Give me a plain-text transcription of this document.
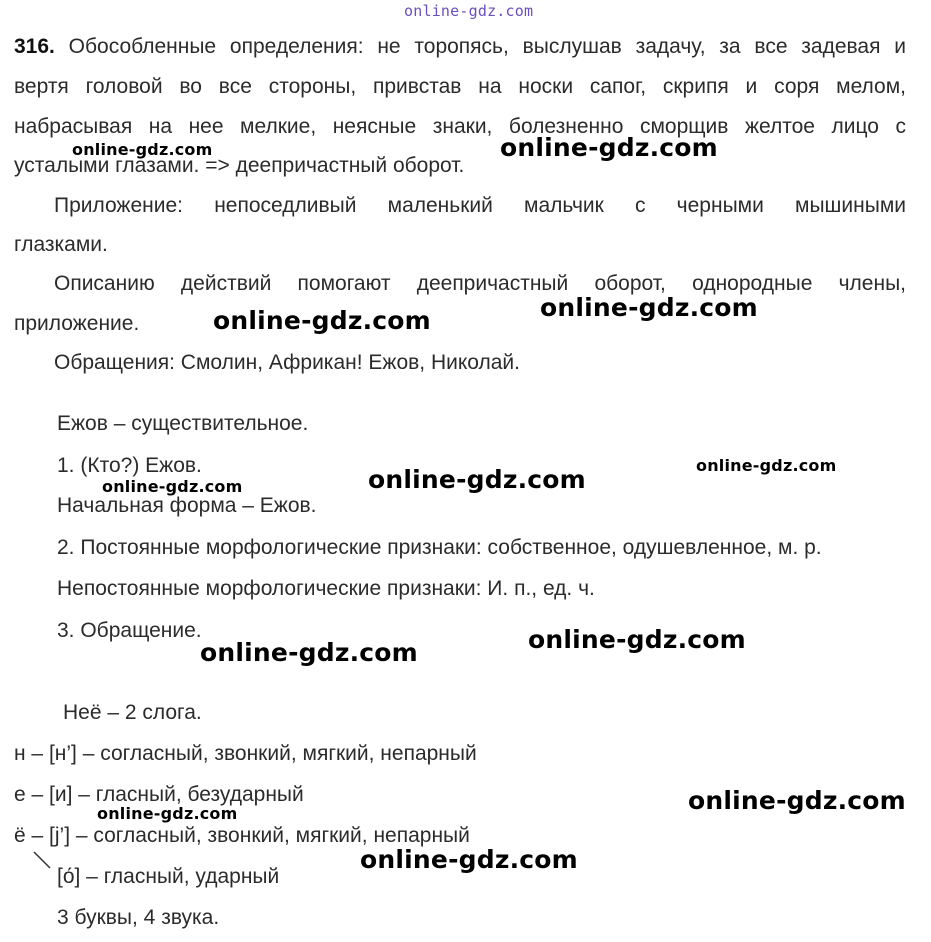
online-gdz.com
316. Обособленные определения: не торопясь, выслушав задачу, за все задевая и
вертя головой во все стороны, привстав на носки сапог, скрипя и соря мелом,
набрасывая на нее мелкие, неясные знаки, болезненно сморщив желтое лицо с
усталыми глазами. => деепричастный оборот.
Приложение: непоседливый маленький мальчик с черными мышиными
глазками.
Описанию действий помогают деепричастный оборот, однородные члены,
приложение.
Обращения: Смолин, Африкан! Ежов, Николай.
Ежов – существительное.
1. (Кто?) Ежов.
Начальная форма – Ежов.
2. Постоянные морфологические признаки: собственное, одушевленное, м. р.
Непостоянные морфологические признаки: И. п., ед. ч.
3. Обращение.
Неё – 2 слога.
н – [н’] – согласный, звонкий, мягкий, непарный
е – [и] – гласный, безударный
ё – [j’] – согласный, звонкий, мягкий, непарный
[о́] – гласный, ударный
3 буквы, 4 звука.
online-gdz.com
online-gdz.com
online-gdz.com
online-gdz.com
online-gdz.com
online-gdz.com
online-gdz.com
online-gdz.com
online-gdz.com
online-gdz.com
online-gdz.com
online-gdz.com
